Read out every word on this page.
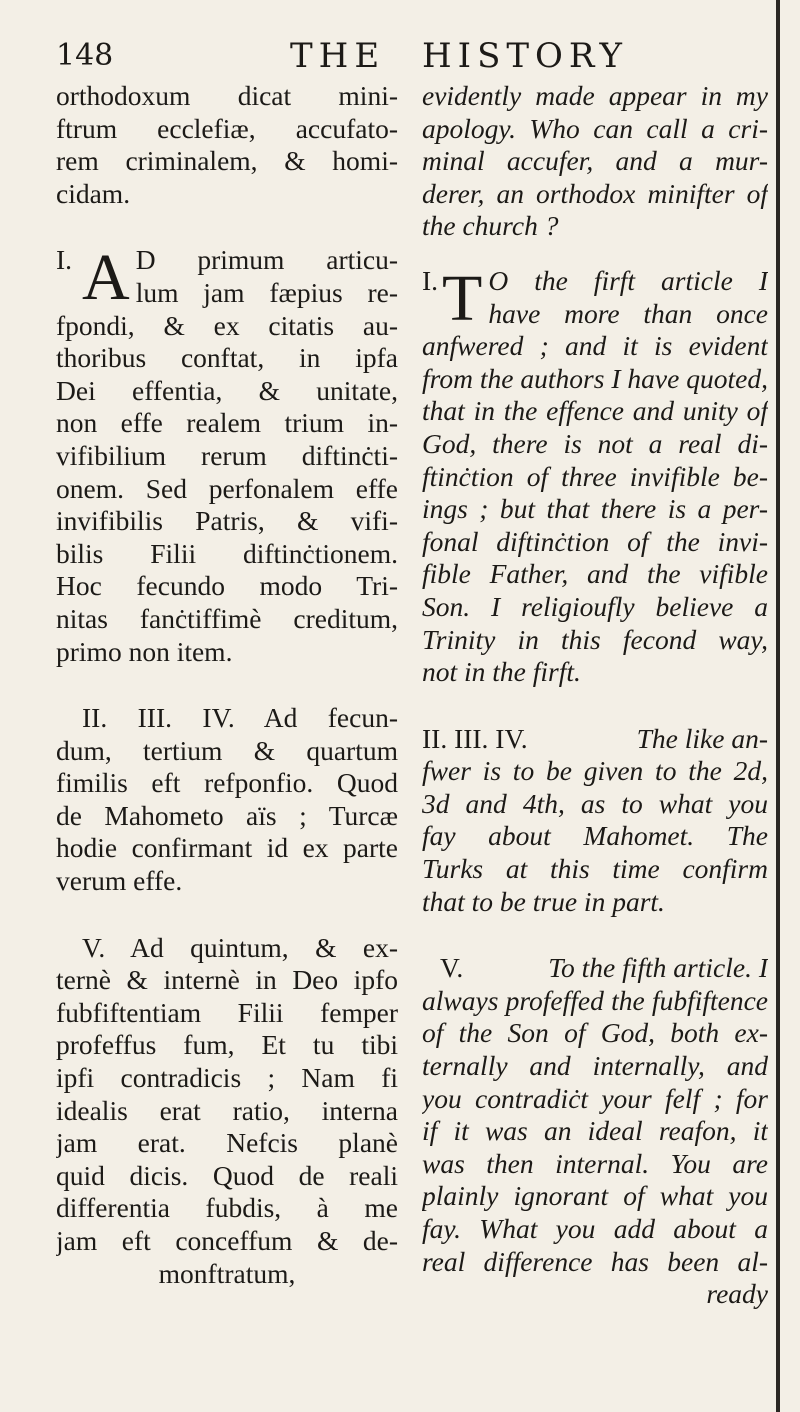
148	THE HISTORY
orthodoxum dicat mini-
ftrum ecclefiæ, accufato-
rem criminalem, & homi-
cidam.
I. A D primum articu-
lum jam fæpius re-
fpondi, & ex citatis au-
thoribus conftat, in ipfa
Dei effentia, & unitate,
non effe realem trium in-
vifibilium rerum diftinċti-
onem. Sed perfonalem effe
invifibilis Patris, & vifi-
bilis Filii diftinċtionem.
Hoc fecundo modo Tri-
nitas fanċtiffimè creditum,
primo non item.
II. III. IV. Ad fecun-
dum, tertium & quartum
fimilis eft refponfio. Quod
de Mahometo aïs ; Turcæ
hodie confirmant id ex parte
verum effe.
V. Ad quintum, & ex-
ternè & internè in Deo ipfo
fubfiftentiam Filii femper
profeffus fum, Et tu tibi
ipfi contradicis ; Nam fi
idealis erat ratio, interna
jam erat. Nefcis planè
quid dicis. Quod de reali
differentia fubdis, à me
jam eft conceffum & de-
monftratum,
evidently made appear in my
apology. Who can call a cri-
minal accufer, and a mur-
derer, an orthodox minifter of
the church ?
I. T O the firft article I
have more than once
anfwered ; and it is evident
from the authors I have quoted,
that in the effence and unity of
God, there is not a real di-
ftinċtion of three invifible be-
ings ; but that there is a per-
fonal diftinċtion of the invi-
fible Father, and the vifible
Son. I religioufly believe a
Trinity in this fecond way,
not in the firft.
II. III. IV.	The like an-
fwer is to be given to the 2d,
3d and 4th, as to what you
fay about Mahomet. The
Turks at this time confirm
that to be true in part.
V.	To the fifth article. I
always profeffed the fubfiftence
of the Son of God, both ex-
ternally and internally, and
you contradiċt your felf ; for
if it was an ideal reafon, it
was then internal. You are
plainly ignorant of what you
fay. What you add about a
real difference has been al-
ready
